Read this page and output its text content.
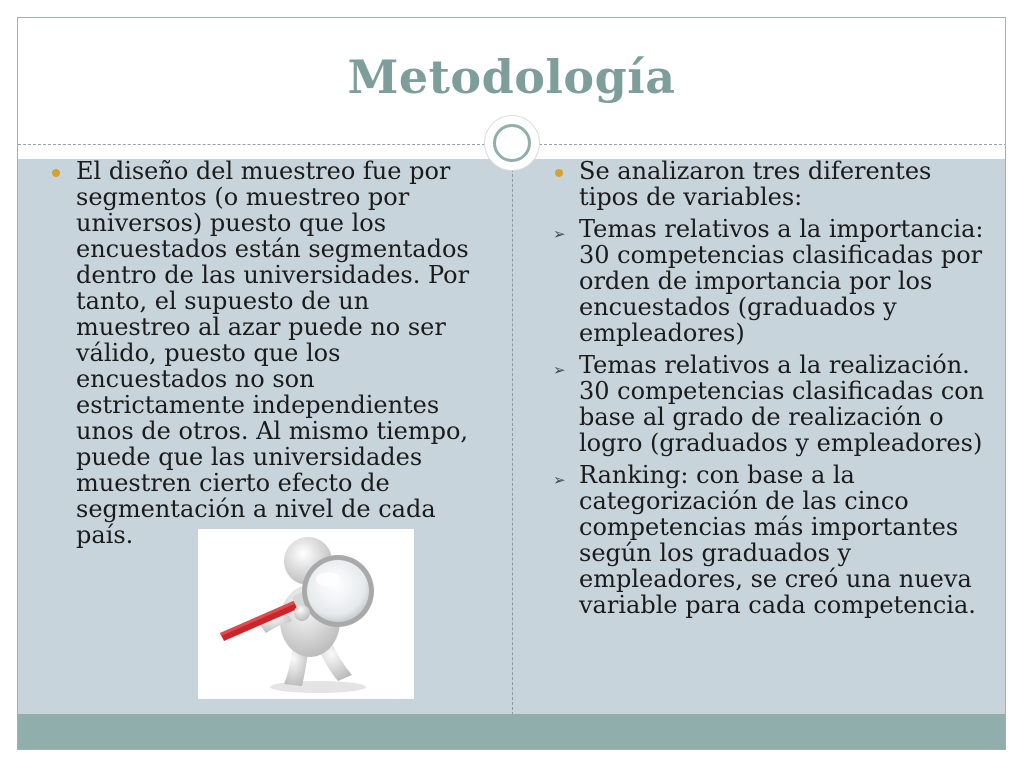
Metodología
El diseño del muestreo fue por segmentos (o muestreo por universos) puesto que los encuestados están segmentados dentro de las universidades. Por tanto, el supuesto de un muestreo al azar puede no ser válido, puesto que los encuestados no son estrictamente independientes unos de otros. Al mismo tiempo, puede que las universidades muestren cierto efecto de segmentación a nivel de cada país.
Se analizaron tres diferentes tipos de variables:
➢ Temas relativos a la importancia: 30 competencias clasificadas por orden de importancia por los encuestados (graduados y empleadores)
➢ Temas relativos a la realización. 30 competencias clasificadas con base al grado de realización o logro (graduados y empleadores)
➢ Ranking: con base a la categorización de las cinco competencias más importantes según los graduados y empleadores, se creó una nueva variable para cada competencia.
